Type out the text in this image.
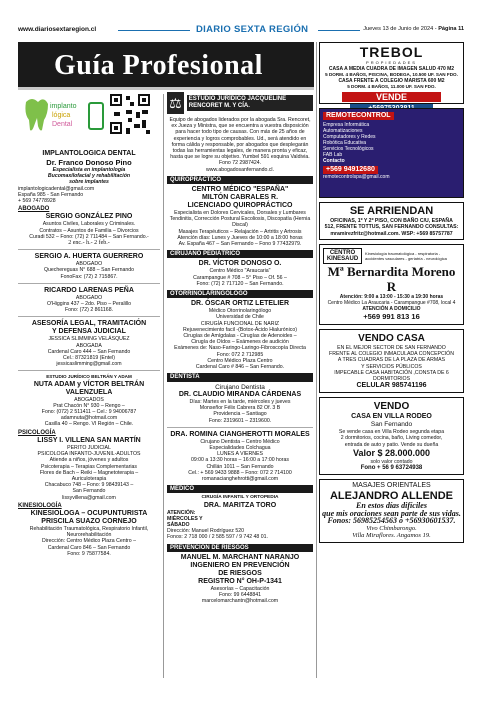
www.diariosextaregion.cl	DIARIO SEXTA REGIÓN	Jueves 13 de Junio de 2024 - Página 11
Guía Profesional
implanto
lógica
Dental
IMPLANTOLOGICA DENTAL
Dr. Franco Donoso Pino
Especialista en implantología
Bucomaxilofacial y rehabilitación
sobre implantes
implantologicadental@gmail.com
España 985 - San Fernando
+ 569 74778928
ABOGADO
SERGIO GONZÁLEZ PINO
Asuntos Civiles, Laborales y Criminales.
Contratos – Asuntos de Familia – Divorcios
Curadi 532 – Fono: (72) 2 711484 – San Fernando.-
2 enc.- h.- 2 feb.-
SERGIO A. HUERTA GUERRERO
ABOGADO
Quechereguas N° 688 – San Fernando
FonoFax: (72) 2 715867.
RICARDO LARENAS PEÑA
ABOGADO
O'Higgins 437 – 2do. Piso – Peralillo
Fono: (72) 2 861168.
ASESORÍA LEGAL, TRAMITACIÓN
Y DEFENSA JUDICIAL
JESSICA SLIMMING VELÁSQUEZ
ABOGADA
Cardenal Caro 444 – San Fernando
Cel.: 87321819 (Entel)
jessicaslimming@gmail.com
ESTUDIO JURÍDICO BELTRÁN Y ADAM
NUTA ADAM y VÍCTOR BELTRÁN
VALENZUELA
ABOGADOS
Prat Chacón N° 930 – Rengo –
Fono: (072) 2 511411 – Cel.: 9 94006787
adamnuta@hotmail.com
Casilla 40 – Rengo. VI Región – Chile.
PSICOLOGÍA
LISSY I. VILLENA SAN MARTÍN
PERITO JUDICIAL
PSICOLOGA INFANTO-JUVENIL-ADULTOS
Atiende a niños, jóvenes y adultos
Psicoterapia – Terapias Complementarias
Flores de Bach – Reiki – Magnetoterapia –
Auriculoterapia
Chacabuco 748 – Fono: 9 98439143 –
San Fernando
lissyvillena@gmail.com
KINESIOLOGÍA
KINESIOLOGA – OCUPUNTURISTA
PRISCILA SUAZO CORNEJO
Rehabilitación Traumatológica, Respiratorio Infantil,
Neurorehabilitación
Dirección: Centro Médico Plaza Centro –
Cardenal Caro 846 – San Fernando
Fono: 9 75877584.
⚖	ESTUDIO JURÍDICO JACQUELINE RENCORET M. Y CÍA.
Equipo de abogados liderados por la abogada Sra. Rencoret, ex Jueza y Ministra, que se encuentra a vuestra disposición para hacer todo tipo de causas. Con más de 25 años de experiencia y logros comprobables. Ud., será atendido en forma cálida y responsable, por abogados que desplegarán todas las herramientas legales, de manera pronta y eficaz, hasta que se logre su objetivo. Yumbel 591 esquina Valdivia. Fono 72 2987424.
www.abogadosanfernando.cl.
QUIROPRÁCTICO
CENTRO MÉDICO "ESPAÑA"
MILTÓN CABRALES R.
LICENCIADO QUIROPRÁCTICO
Especialista en Dolores Cervicales, Dorsales y Lumbares
Tendinitis, Corrección Postural Escoliosis, Discopatía (Hernia Discal)
Masajes Terapéuticos – Relajación – Artritis y Artrosis
Atención días: Lunes y Jueves de 10:00 a 18:00 horas
Av. España 467 – San Fernando – Fono 9 77432979.
CIRUJANO PEDIÁTRICO
DR. VÍCTOR DONOSO O.
Centro Médico "Araucaria"
Carampangue # 708 – 5° Piso – Of. 56 –
Fono: (72) 2 717120 – San Fernando.
OTORRINOLARINGÓLOGO
DR. ÓSCAR ORTIZ LETELIER
Médico Otorrinolaringólogo
Universidad de Chile
CIRUGÍA FUNCIONAL DE NARIZ
Rejuvenecimiento facil -(Botox-Ácido Hialurónico)
Cirugías de Amígdalas - Cirugías de Adenoides –
Cirugía de Oídos – Exámenes de audición
Exámenes de: Naso-Faringo-Laringo-Fibroscopía Directa
Fono: 072 2 712985
Centro Médico Plaza Centro
Cardenal Caro # 846 – San Fernando.
DENTISTA
Cirujano Dentista
DR. CLAUDIO MIRANDA CÁRDENAS
Días: Martes en la tarde, miércoles y jueves
Monseñor Félix Cabrera 82 Of. 3 B
Providencia – Santiago
Fono: 2319601 – 2319600.
DRA. ROMINA CIANGHEROTTI MORALES
Cirujano Dentista – Centro Médico
Especialidades Colchagua
LUNES A VIERNES
09:00 a 13:30 horas – 16:00 a 17:00 horas
Chillán 1011 – San Fernando
Cel.: + 569 9433 9888 – Fono: 072 2 714100
romanacianghehrotti@gmail.com
MÉDICO
CIRUGÍA INFANTIL Y ORTOPEDIA
DRA. MARITZA TORO
ATENCIÓN: MIÉRCOLES Y SÁBADO
Dirección: Manuel Rodríguez 520
Fonos: 2 718 000 / 2 585 597 / 9 742 48 01.
PREVENCIÓN DE RIESGOS
MANUEL M. MARCHANT NARANJO
INGENIERO EN PREVENCIÓN
DE RIESGOS
REGISTRO N° OH-P-1341
Asesorías – Capacitación
Fono: 99 6448841
marcelomarchantn@hotmail.com
TREBOL
PROPIEDADES
CASA A MEDIA CUADRA DE IMAGEN SALUD 470 M2
5 DORM. 4 BAÑOS, PISCINA, BODEGA, 10.500 UF. SAN FDO.
CASA FRENTE A COLEGIO MARISTA 600 M2
5 DORM. 4 BAÑOS, 11.000 UF. SAN FDO.
VENDE
REMOTECONTROL
Empresa Informática
Automatizaciones
Computadores y Redes
Robótica Educativa
Servicios Tecnológicos
FAB Lab
Contacto
+569 94912680
remotecontrolspa@gmail.com
SE ARRIENDAN
OFICINAS, 1º Y 2º PISO, CON BAÑO C/U, ESPAÑA
512, FRENTE TOTTUS, SAN FERNANDO CONSULTAS:
mramirezfritz@hotmail.com. WSP: +569 85757787
CENTRO KINESAUD
Kinesiología traumatológica - respiratoria - accidentes vasculares - geriatría - neurológica
Mª Bernardita Moreno R
Atención: 9:00 a 13:00 - 15:30 a 19:30 horas
Centro Médico La Araucaria - Carampangue #708, local 4
ATENCIÓN A DOMICILIO
+569 991 813 16
VENDO CASA
EN EL MEJOR SECTOR DE SAN FERNANDO
FRENTE AL COLEGIO INMACULADA CONCEPCIÓN
A TRES CUADRAS DE LA PLAZA DE ARMAS
Y SERVICIOS PÚBLICOS
IMPECABLE CASA HABITACIÓN ,CONSTA DE 6
DORMITORIOS
CELULAR 985741196
VENDO
CASA EN VILLA RODEO
San Fernando
Se vende casa en Villa Rodeo segunda etapa
2 dormitorios, cocina, baño, Living comedor,
entrada de auto y patio. Vende su dueña
Valor $ 28.000.000
solo valor contado
Fono + 56 9 63724938
MASAJES ORIENTALES
ALEJANDRO ALLENDE
En estos días difíciles
que mis oraciones sean parte de sus vidas.
Fonos: 56985254563 o +56930601537.
Vivo Chimbarongo.
Villa Miraflores. Angamos 19.
